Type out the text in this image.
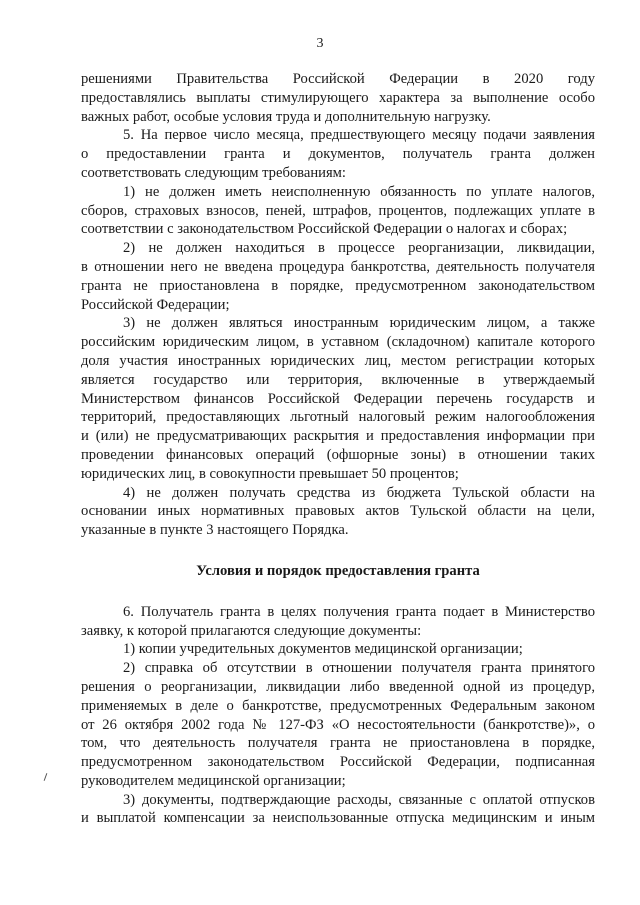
3
решениями Правительства Российской Федерации в 2020 году
предоставлялись выплаты стимулирующего характера за выполнение особо
важных работ, особые условия труда и дополнительную нагрузку.
5. На первое число месяца, предшествующего месяцу подачи заявления
о предоставлении гранта и документов, получатель гранта должен
соответствовать следующим требованиям:
1) не должен иметь неисполненную обязанность по уплате налогов,
сборов, страховых взносов, пеней, штрафов, процентов, подлежащих уплате в
соответствии с законодательством Российской Федерации о налогах и сборах;
2) не должен находиться в процессе реорганизации, ликвидации,
в отношении него не введена процедура банкротства, деятельность получателя
гранта не приостановлена в порядке, предусмотренном законодательством
Российской Федерации;
3) не должен являться иностранным юридическим лицом, а также
российским юридическим лицом, в уставном (складочном) капитале которого
доля участия иностранных юридических лиц, местом регистрации которых
является государство или территория, включенные в утверждаемый
Министерством финансов Российской Федерации перечень государств и
территорий, предоставляющих льготный налоговый режим налогообложения
и (или) не предусматривающих раскрытия и предоставления информации при
проведении финансовых операций (офшорные зоны) в отношении таких
юридических лиц, в совокупности превышает 50 процентов;
4) не должен получать средства из бюджета Тульской области на
основании иных нормативных правовых актов Тульской области на цели,
указанные в пункте 3 настоящего Порядка.
Условия и порядок предоставления гранта
6. Получатель гранта в целях получения гранта подает в Министерство
заявку, к которой прилагаются следующие документы:
1) копии учредительных документов медицинской организации;
2) справка об отсутствии в отношении получателя гранта принятого
решения о реорганизации, ликвидации либо введенной одной из процедур,
применяемых в деле о банкротстве, предусмотренных Федеральным законом
от 26 октября 2002 года № 127-ФЗ «О несостоятельности (банкротстве)», о
том, что деятельность получателя гранта не приостановлена в порядке,
предусмотренном законодательством Российской Федерации, подписанная
руководителем медицинской организации;
3) документы, подтверждающие расходы, связанные с оплатой отпусков
и выплатой компенсации за неиспользованные отпуска медицинским и иным
